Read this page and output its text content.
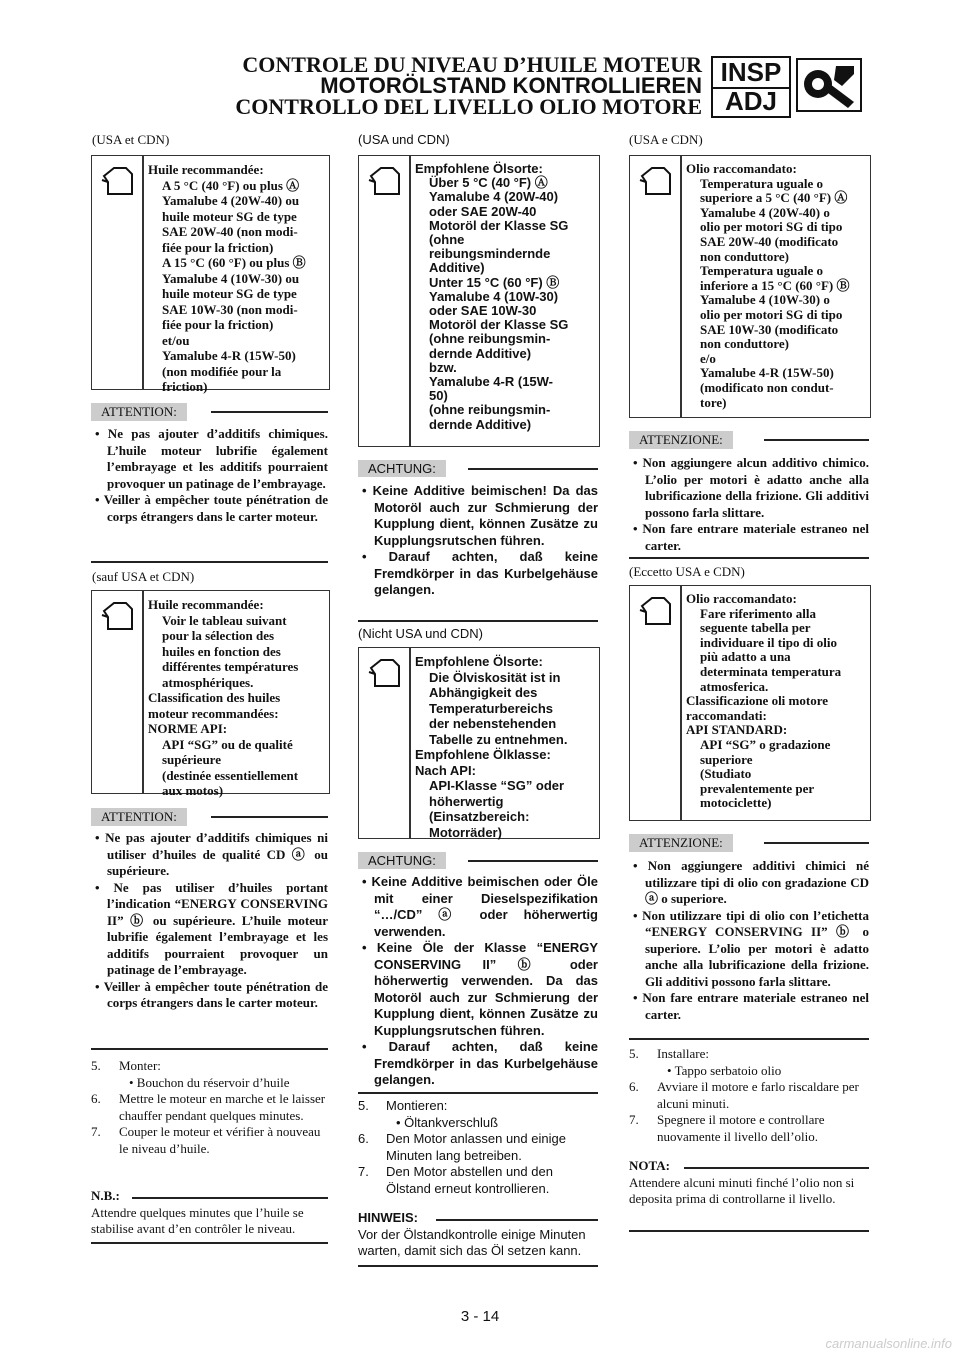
CONTROLE DU NIVEAU D’HUILE MOTEUR
MOTORÖLSTAND KONTROLLIEREN
CONTROLLO DEL LIVELLO OLIO MOTORE
INSP
ADJ
(USA et CDN)
Huile recommandée:
A 5 °C (40 °F) ou plus Ⓐ
Yamalube 4 (20W-40) ou
huile moteur SG de type
SAE 20W-40 (non modi-
fiée pour la friction)
A 15 °C (60 °F) ou plus Ⓑ
Yamalube 4 (10W-30) ou
huile moteur SG de type
SAE 10W-30 (non modi-
fiée pour la friction)
et/ou
Yamalube 4-R (15W-50)
(non modifiée pour la
friction)
ATTENTION:
• Ne pas ajouter d’additifs chimiques. L’huile moteur lubrifie également l’embrayage et les additifs pourraient provoquer un patinage de l’embrayage.
• Veiller à empêcher toute pénétration de corps étrangers dans le carter moteur.
(sauf USA et CDN)
Huile recommandée:
Voir le tableau suivant
pour la sélection des
huiles en fonction des
différentes températures
atmosphériques.
Classification des huiles
moteur recommandées:
NORME API:
API “SG” ou de qualité
supérieure
(destinée essentiellement
aux motos)
ATTENTION:
• Ne pas ajouter d’additifs chimiques ni utiliser d’huiles de qualité CD ⓐ ou supérieure.
• Ne pas utiliser d’huiles portant l’indication “ENERGY CONSERVING II” ⓑ ou supérieure. L’huile moteur lubrifie également l’embrayage et les additifs pourraient provoquer un patinage de l’embrayage.
• Veiller à empêcher toute pénétration de corps étrangers dans le carter moteur.
5. Monter:
• Bouchon du réservoir d’huile
6. Mettre le moteur en marche et le laisser chauffer pendant quelques minutes.
7. Couper le moteur et vérifier à nouveau le niveau d’huile.
N.B.:
Attendre quelques minutes que l’huile se stabilise avant d’en contrôler le niveau.
(USA und CDN)
Empfohlene Ölsorte:
Über 5 °C (40 °F) Ⓐ
Yamalube 4 (20W-40)
oder SAE 20W-40
Motoröl der Klasse SG
(ohne
reibungsmindernde
Additive)
Unter 15 °C (60 °F) Ⓑ
Yamalube 4 (10W-30)
oder SAE 10W-30
Motoröl der Klasse SG
(ohne reibungsmin-
dernde Additive)
bzw.
Yamalube 4-R (15W-
50)
(ohne reibungsmin-
dernde Additive)
ACHTUNG:
• Keine Additive beimischen! Da das Motoröl auch zur Schmierung der Kupplung dient, können Zusätze zu Kupplungsrutschen führen.
• Darauf achten, daß keine Fremdkörper in das Kurbelgehäuse gelangen.
(Nicht USA und CDN)
Empfohlene Ölsorte:
Die Ölviskosität ist in
Abhängigkeit des
Temperaturbereichs
der nebenstehenden
Tabelle zu entnehmen.
Empfohlene Ölklasse:
Nach API:
API-Klasse “SG” oder
höherwertig
(Einsatzbereich:
Motorräder)
ACHTUNG:
• Keine Additive beimischen oder Öle mit einer Dieselspezifikation “…/CD” ⓐ oder höherwertig verwenden.
• Keine Öle der Klasse “ENERGY CONSERVING II” ⓑ oder höherwertig verwenden. Da das Motoröl auch zur Schmierung der Kupplung dient, können Zusätze zu Kupplungsrutschen führen.
• Darauf achten, daß keine Fremdkörper in das Kurbelgehäuse gelangen.
5. Montieren:
• Öltankverschluß
6. Den Motor anlassen und einige Minuten lang betreiben.
7. Den Motor abstellen und den Ölstand erneut kontrollieren.
HINWEIS:
Vor der Ölstandkontrolle einige Minuten warten, damit sich das Öl setzen kann.
(USA e CDN)
Olio raccomandato:
Temperatura uguale o
superiore a 5 °C (40 °F) Ⓐ
Yamalube 4 (20W-40) o
olio per motori SG di tipo
SAE 20W-40 (modificato
non conduttore)
Temperatura uguale o
inferiore a 15 °C (60 °F) Ⓑ
Yamalube 4 (10W-30) o
olio per motori SG di tipo
SAE 10W-30 (modificato
non conduttore)
e/o
Yamalube 4-R (15W-50)
(modificato non condut-
tore)
ATTENZIONE:
• Non aggiungere alcun additivo chimico. L’olio per motori è adatto anche alla lubrificazione della frizione. Gli additivi possono farla slittare.
• Non fare entrare materiale estraneo nel carter.
(Eccetto USA e CDN)
Olio raccomandato:
Fare riferimento alla
seguente tabella per
individuare il tipo di olio
più adatto a una
determinata temperatura
atmosferica.
Classificazione oli motore
raccomandati:
API STANDARD:
API “SG” o gradazione
superiore
(Studiato
prevalentemente per
motociclette)
ATTENZIONE:
• Non aggiungere additivi chimici né utilizzare tipi di olio con gradazione CD ⓐ o superiore.
• Non utilizzare tipi di olio con l’etichetta “ENERGY CONSERVING II” ⓑ o superiore. L’olio per motori è adatto anche alla lubrificazione della frizione. Gli additivi possono farla slittare.
• Non fare entrare materiale estraneo nel carter.
5. Installare:
• Tappo serbatoio olio
6. Avviare il motore e farlo riscaldare per alcuni minuti.
7. Spegnere il motore e controllare nuovamente il livello dell’olio.
NOTA:
Attendere alcuni minuti finché l’olio non si deposita prima di controllarne il livello.
3 - 14
carmanualsonline.info
